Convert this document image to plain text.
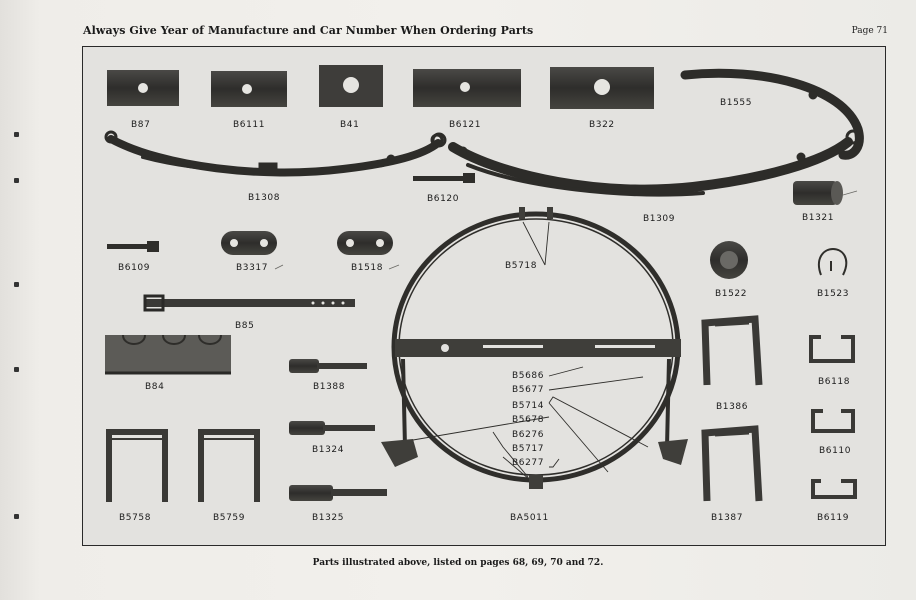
Always Give Year of Manufacture and Car Number When Ordering Parts	Page 71
B87	B6111	B41	B6121	B322
B1555
B1308	B6120
B1309	B1321
B6109	B3317	B1518	B5718
B1522	B1523
B85
B84	B1388
B5686
B5677
B5714
B5678
B6276
B5717
B6277
B1386
B6118
B6110
B1324
B5758	B5759	B1325	BA5011	B1387	B6119
Parts illustrated above, listed on pages 68, 69, 70 and 72.
